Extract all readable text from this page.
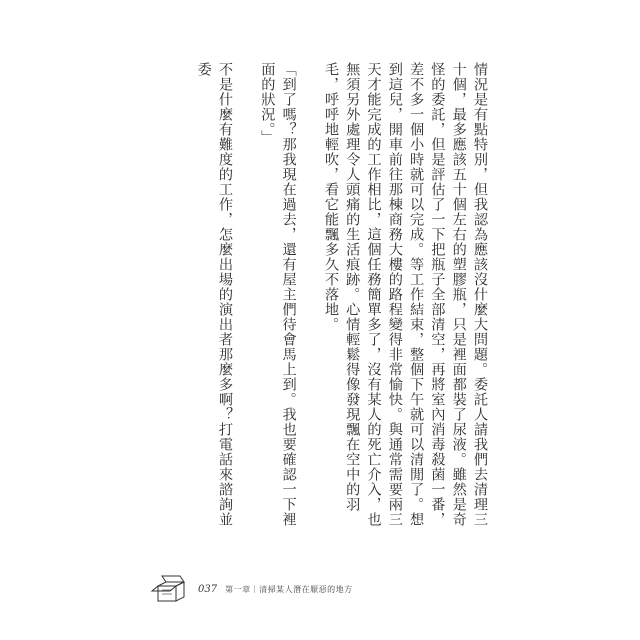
情況是有點特別，但我認為應該沒什麼大問題。委託人請我們去清理三十個，最多應該五十個左右的塑膠瓶，只是裡面都裝了尿液。雖然是奇怪的委託，但是評估了一下把瓶子全部清空，再將室內消毒殺菌一番，差不多一個小時就可以完成。等工作結束，整個下午就可以清閒了。想到這兒，開車前往那棟商務大樓的路程變得非常愉快。與通常需要兩三天才能完成的工作相比，這個任務簡單多了，沒有某人的死亡介入，也無須另外處理令人頭痛的生活痕跡。心情輕鬆得像發現飄在空中的羽毛，呼呼地輕吹，看它能飄多久不落地。

「到了嗎？那我現在過去，還有屋主們待會馬上到。我也要確認一下裡面的狀況。」

不是什麼有難度的工作，怎麼出場的演出者那麼多啊？打電話來諮詢並委

037 第一章｜清掃某人潛在厭惡的地方
